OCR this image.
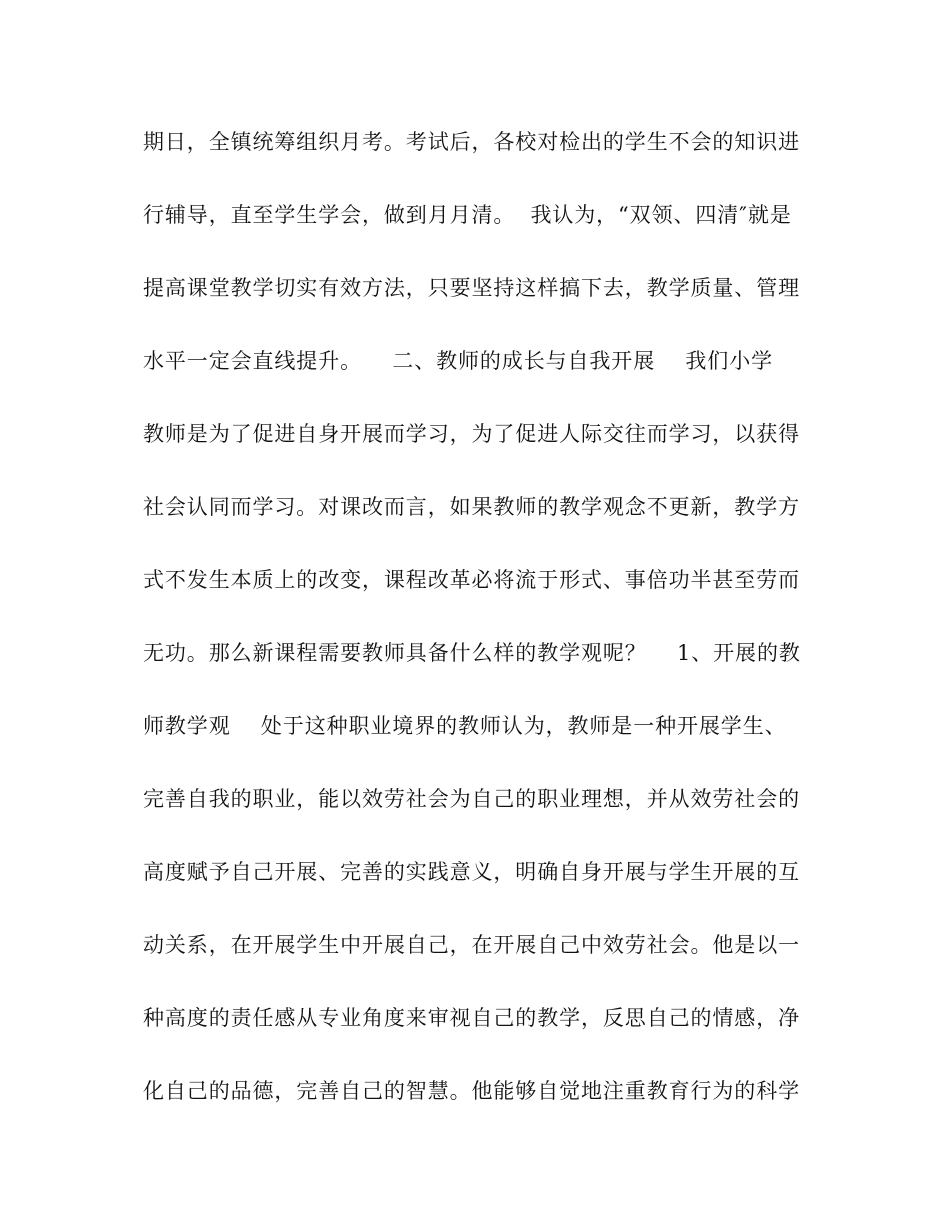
期日，全镇统筹组织月考。考试后，各校对检出的学生不会的知识进
行辅导，直至学生学会，做到月月清。  我认为，“双领、四清″就是
提高课堂教学切实有效方法，只要坚持这样搞下去，教学质量、管理
水平一定会直线提升。    二、教师的成长与自我开展    我们小学
教师是为了促进自身开展而学习，为了促进人际交往而学习，以获得
社会认同而学习。对课改而言，如果教师的教学观念不更新，教学方
式不发生本质上的改变，课程改革必将流于形式、事倍功半甚至劳而
无功。那么新课程需要教师具备什么样的教学观呢？    1、开展的教
师教学观    处于这种职业境界的教师认为，教师是一种开展学生、
完善自我的职业，能以效劳社会为自己的职业理想，并从效劳社会的
高度赋予自己开展、完善的实践意义，明确自身开展与学生开展的互
动关系，在开展学生中开展自己，在开展自己中效劳社会。他是以一
种高度的责任感从专业角度来审视自己的教学，反思自己的情感，净
化自己的品德，完善自己的智慧。他能够自觉地注重教育行为的科学
